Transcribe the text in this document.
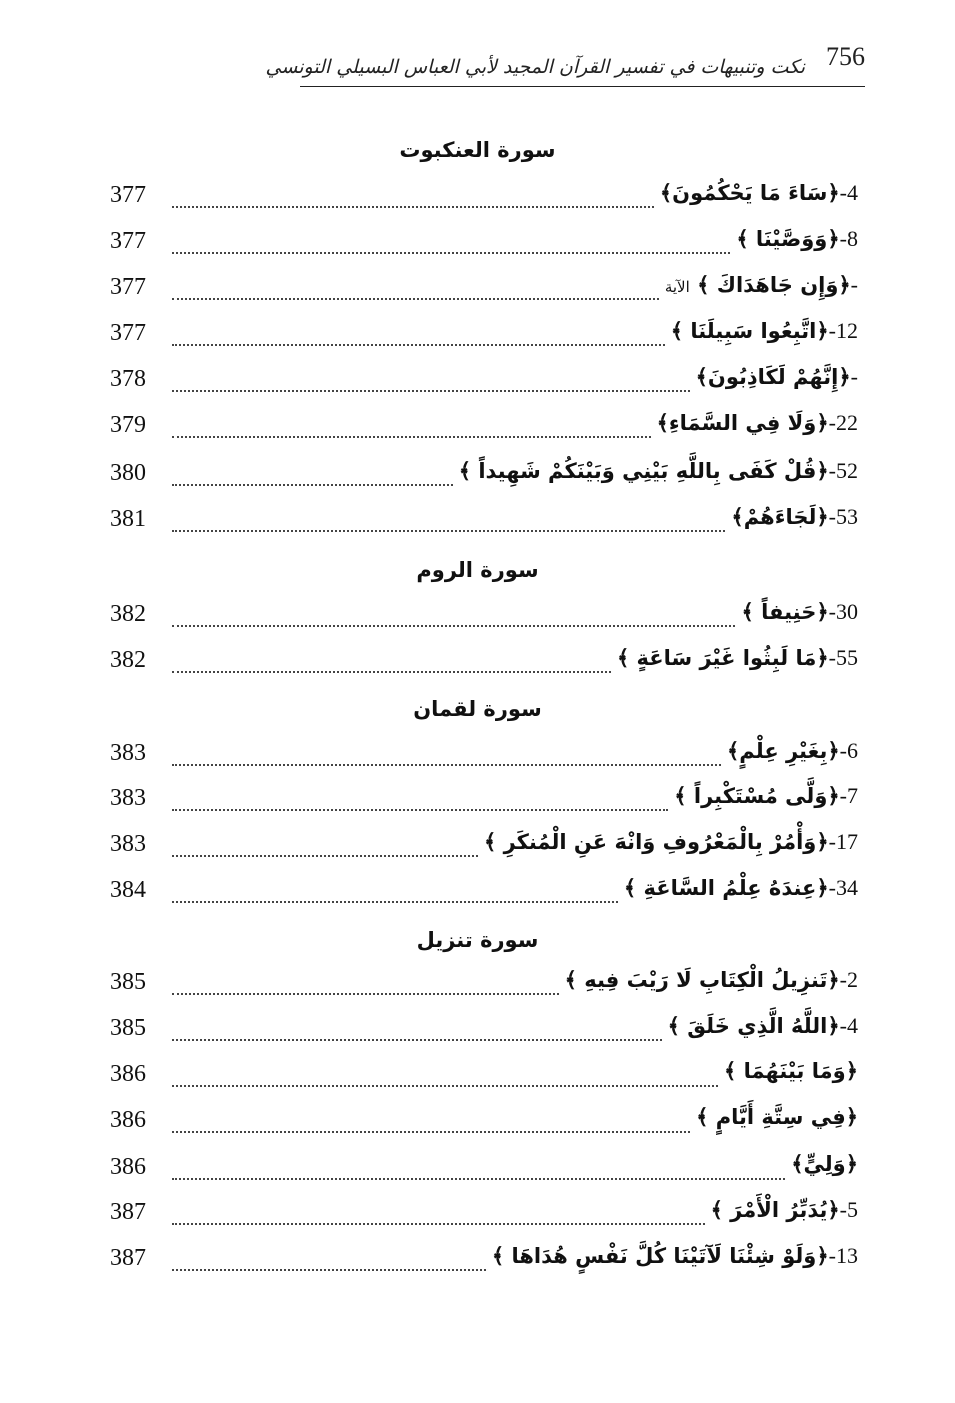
756
نكت وتنبيهات في تفسير القرآن المجيد لأبي العباس البسيلي التونسي
سورة العنكبوت
377	4-﴿سَاءَ مَا يَحْكُمُونَ﴾
377	8-﴿وَوَصَّيْنَا ﴾
377	-﴿وَإِن جَاهَدَاكَ ﴾ الآية
377	12-﴿اتَّبِعُوا سَبِيلَنَا ﴾
378	-﴿إِنَّهُمْ لَكَاذِبُونَ﴾
379	22-﴿وَلَا فِي السَّمَاءِ﴾
380	52-﴿قُلْ كَفَى بِاللَّهِ بَيْنِي وَبَيْنَكُمْ شَهِيداً ﴾
381	53-﴿لَجَاءَهُمْ﴾
سورة الروم
382	30-﴿حَنِيفاً ﴾
382	55-﴿مَا لَبِثُوا غَيْرَ سَاعَةٍ ﴾
سورة لقمان
383	6-﴿بِغَيْرِ عِلْمٍ﴾
383	7-﴿وَلَّى مُسْتَكْبِراً ﴾
383	17-﴿وَأْمُرْ بِالْمَعْرُوفِ وَانْهَ عَنِ الْمُنكَرِ ﴾
384	34-﴿عِندَهُ عِلْمُ السَّاعَةِ ﴾
سورة تنزيل
385	2-﴿تَنزِيلُ الْكِتَابِ لَا رَيْبَ فِيهِ ﴾
385	4-﴿اللَّهُ الَّذِي خَلَقَ ﴾
386	﴿وَمَا بَيْنَهُمَا ﴾
386	﴿فِي سِتَّةِ أَيَّامٍ ﴾
386	﴿وَلِيٍّ﴾
387	5-﴿يُدَبِّرُ الْأَمْرَ ﴾
387	13-﴿وَلَوْ شِئْنَا لَآتَيْنَا كُلَّ نَفْسٍ هُدَاهَا ﴾
